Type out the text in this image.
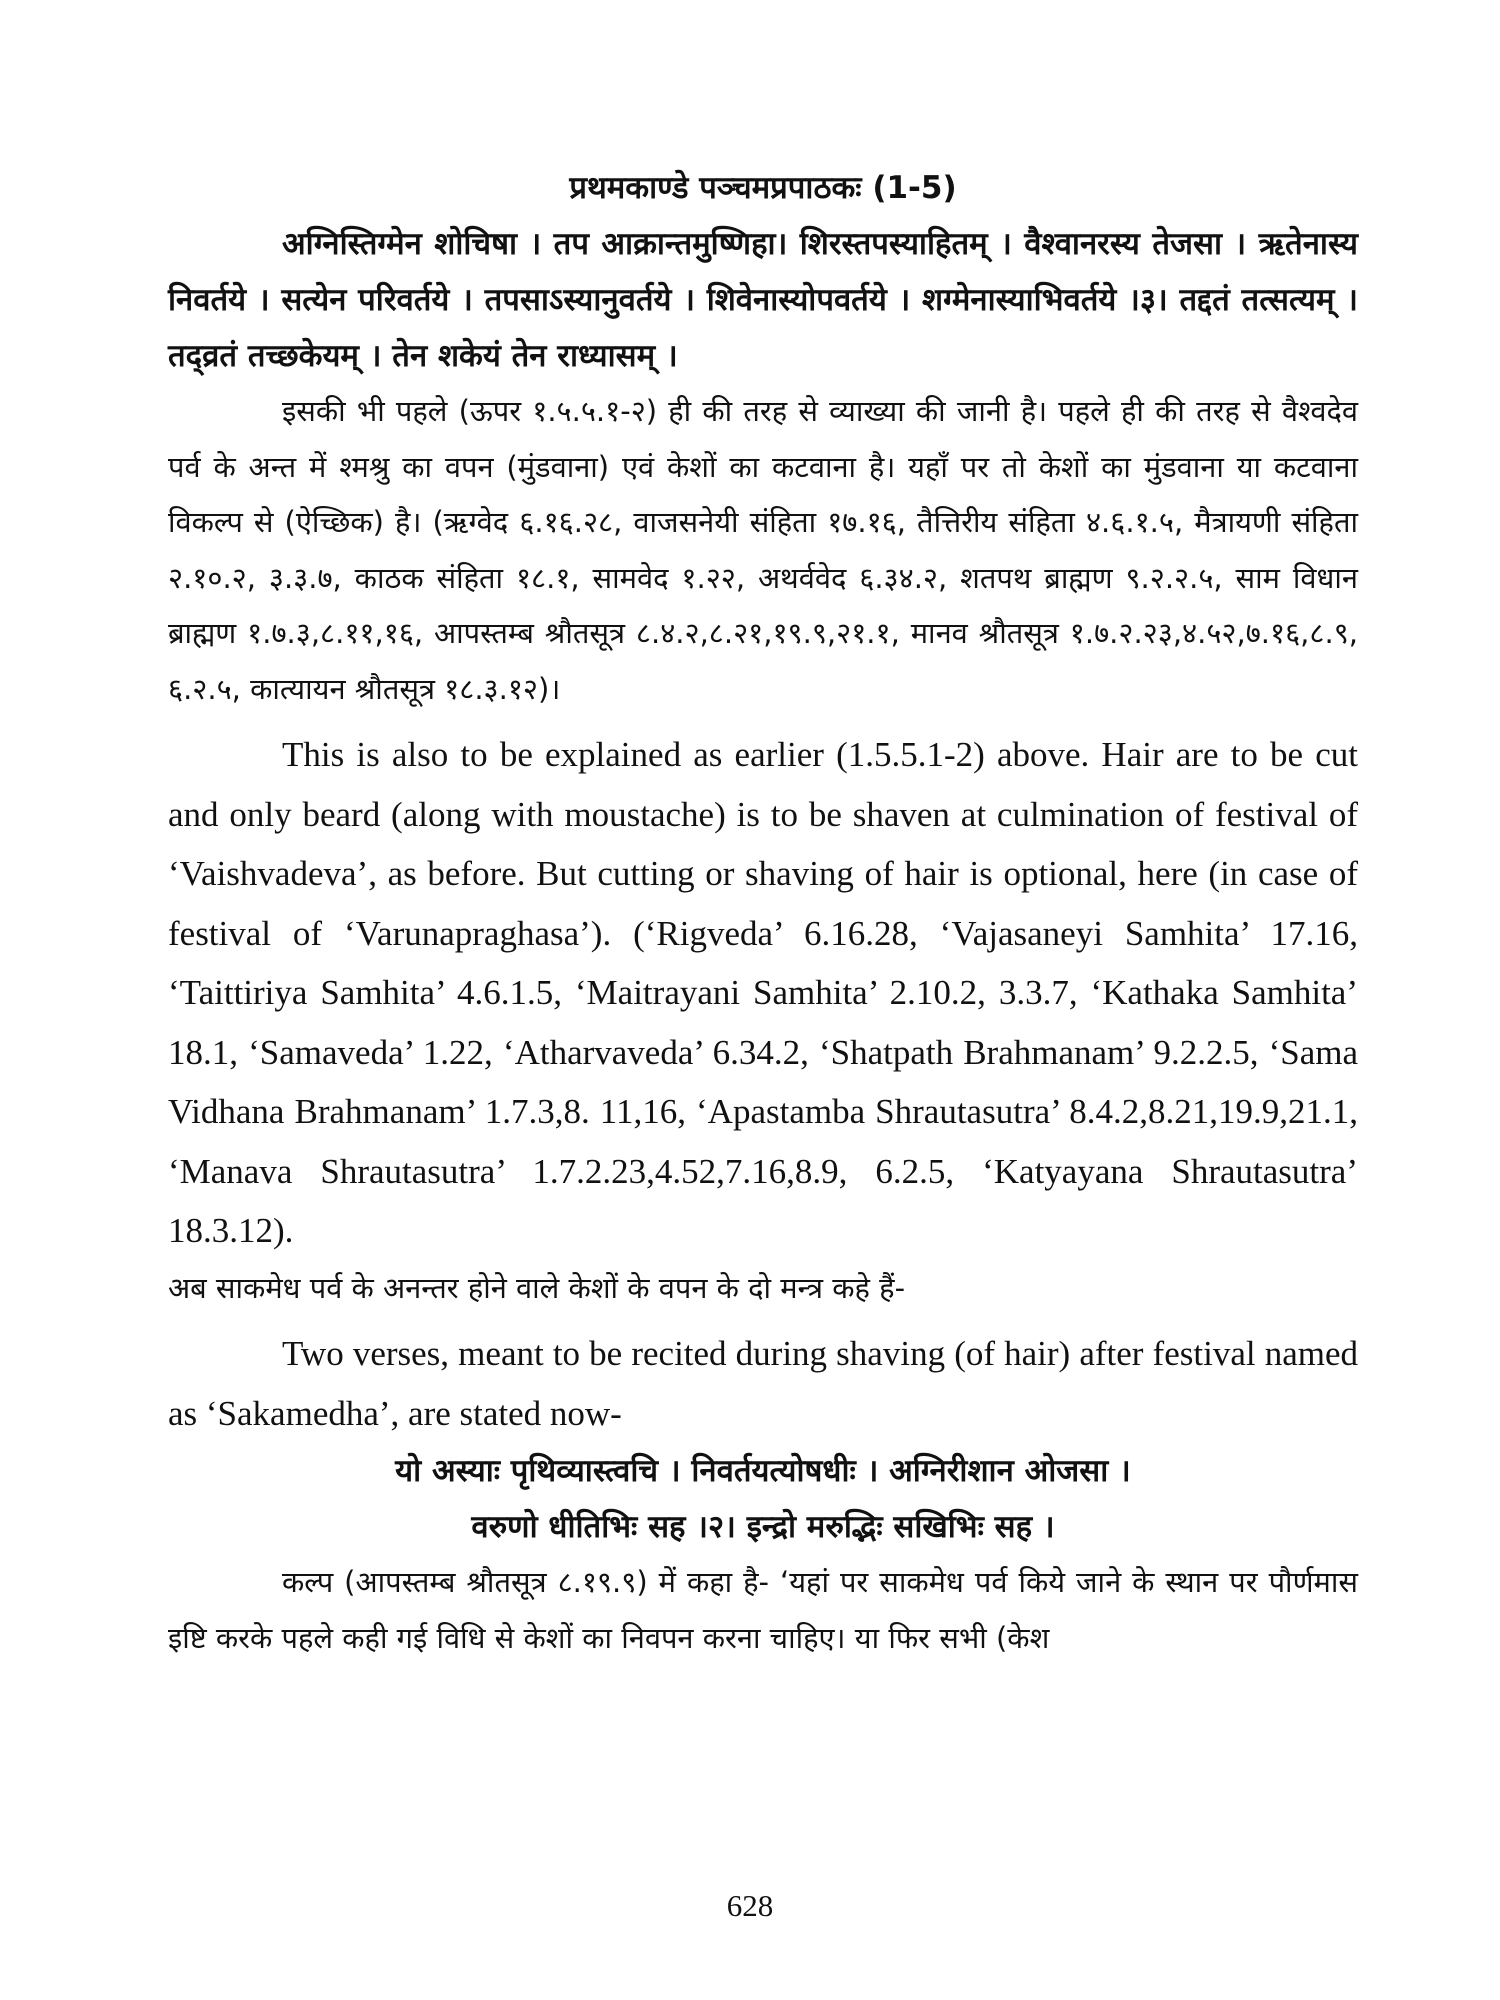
प्रथमकाण्डे पञ्चमप्रपाठकः (1-5)

अग्निस्तिग्मेन शोचिषा । तप आक्रान्तमुष्णिहा। शिरस्तपस्याहितम् । वैश्वानरस्य तेजसा । ऋतेनास्य निवर्तये । सत्येन परिवर्तये । तपसाऽस्यानुवर्तये । शिवेनास्योपवर्तये । शग्मेनास्याभिवर्तये ।३। तद्दतं तत्सत्यम् । तद्व्रतं तच्छकेयम् । तेन शकेयं तेन राध्यासम् ।

इसकी भी पहले (ऊपर १.५.५.१-२) ही की तरह से व्याख्या की जानी है। पहले ही की तरह से वैश्वदेव पर्व के अन्त में श्मश्रु का वपन (मुंडवाना) एवं केशों का कटवाना है। यहाँ पर तो केशों का मुंडवाना या कटवाना विकल्प से (ऐच्छिक) है। (ऋग्वेद ६.१६.२८, वाजसनेयी संहिता १७.१६, तैत्तिरीय संहिता ४.६.१.५, मैत्रायणी संहिता २.१०.२, ३.३.७, काठक संहिता १८.१, सामवेद १.२२, अथर्ववेद ६.३४.२, शतपथ ब्राह्मण ९.२.२.५, साम विधान ब्राह्मण १.७.३,८.११,१६, आपस्तम्ब श्रौतसूत्र ८.४.२,८.२१,१९.९,२१.१, मानव श्रौतसूत्र १.७.२.२३,४.५२,७.१६,८.९, ६.२.५, कात्यायन श्रौतसूत्र १८.३.१२)।

This is also to be explained as earlier (1.5.5.1-2) above. Hair are to be cut and only beard (along with moustache) is to be shaven at culmination of festival of ‘Vaishvadeva’, as before. But cutting or shaving of hair is optional, here (in case of festival of ‘Varunapraghasa’). (‘Rigveda’ 6.16.28, ‘Vajasaneyi Samhita’ 17.16, ‘Taittiriya Samhita’ 4.6.1.5, ‘Maitrayani Samhita’ 2.10.2, 3.3.7, ‘Kathaka Samhita’ 18.1, ‘Samaveda’ 1.22, ‘Atharvaveda’ 6.34.2, ‘Shatpath Brahmanam’ 9.2.2.5, ‘Sama Vidhana Brahmanam’ 1.7.3,8. 11,16, ‘Apastamba Shrautasutra’ 8.4.2,8.21,19.9,21.1, ‘Manava Shrautasutra’ 1.7.2.23,4.52,7.16,8.9, 6.2.5, ‘Katyayana Shrautasutra’ 18.3.12).

अब साकमेध पर्व के अनन्तर होने वाले केशों के वपन के दो मन्त्र कहे हैं-

Two verses, meant to be recited during shaving (of hair) after festival named as ‘Sakamedha’, are stated now-

यो अस्याः पृथिव्यास्त्वचि । निवर्तयत्योषधीः । अग्निरीशान ओजसा ।

वरुणो धीतिभिः सह ।२। इन्द्रो मरुद्भिः सखिभिः सह ।

कल्प (आपस्तम्ब श्रौतसूत्र ८.१९.९) में कहा है- ‘यहां पर साकमेध पर्व किये जाने के स्थान पर पौर्णमास इष्टि करके पहले कही गई विधि से केशों का निवपन करना चाहिए। या फिर सभी (केश

628
